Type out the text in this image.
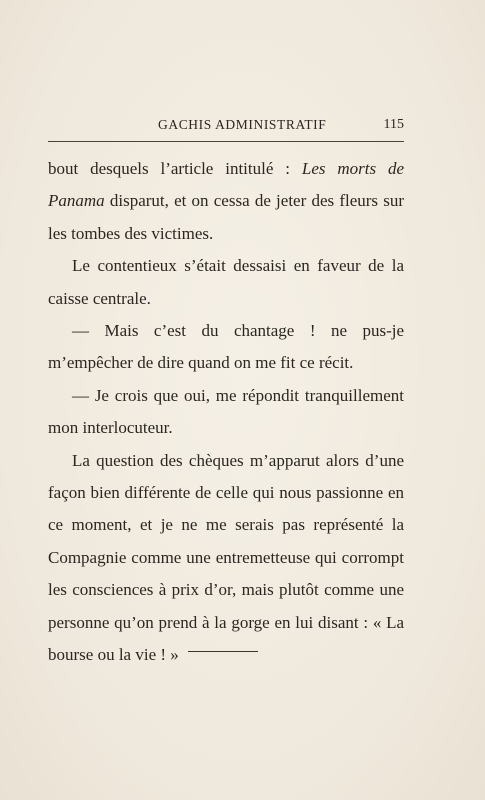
GACHIS ADMINISTRATIF	115

bout desquels l’article intitulé : Les morts de Panama disparut, et on cessa de jeter des fleurs sur les tombes des victimes.

Le contentieux s’était dessaisi en faveur de la caisse centrale.

— Mais c’est du chantage ! ne pus-je m’empêcher de dire quand on me fit ce récit.

— Je crois que oui, me répondit tranquillement mon interlocuteur.

La question des chèques m’apparut alors d’une façon bien différente de celle qui nous passionne en ce moment, et je ne me serais pas représenté la Compagnie comme une entremetteuse qui corrompt les consciences à prix d’or, mais plutôt comme une personne qu’on prend à la gorge en lui disant : « La bourse ou la vie ! »
